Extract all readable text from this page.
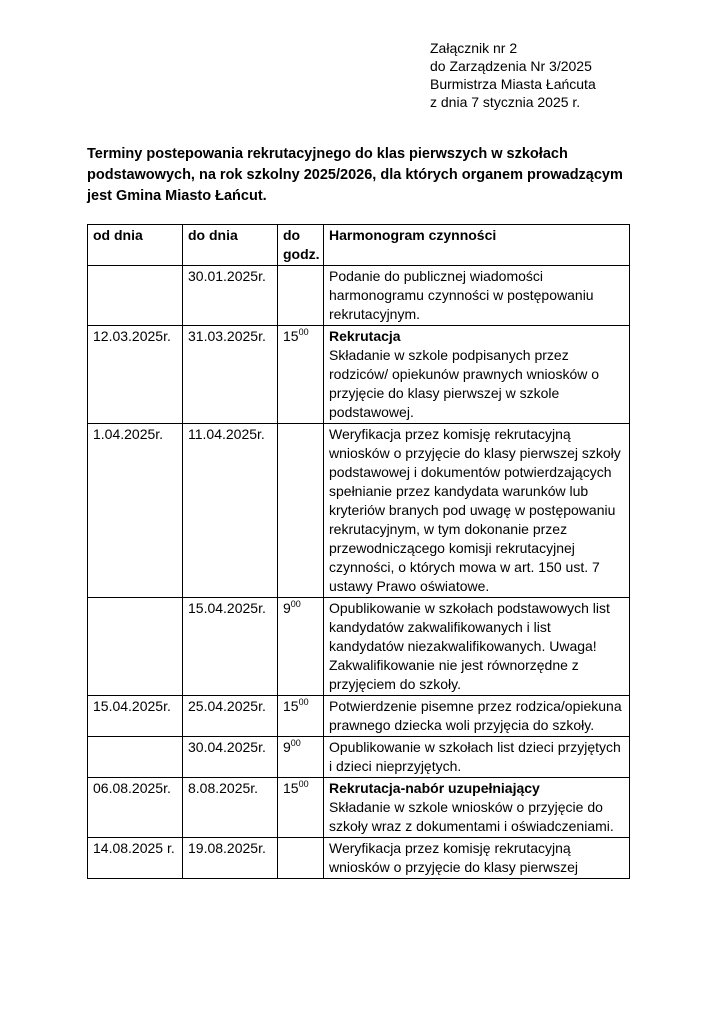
Załącznik nr 2
do Zarządzenia Nr 3/2025
Burmistrza Miasta Łańcuta
z dnia 7 stycznia 2025 r.
Terminy postepowania rekrutacyjnego do klas pierwszych w szkołach podstawowych, na rok szkolny 2025/2026, dla których organem prowadzącym jest Gmina Miasto Łańcut.
od dnia	do dnia	do godz.	Harmonogram czynności
	30.01.2025r.		Podanie do publicznej wiadomości harmonogramu czynności w postępowaniu rekrutacyjnym.
12.03.2025r.	31.03.2025r.	$15^{00}$	Rekrutacja
Składanie w szkole podpisanych przez rodziców/ opiekunów prawnych wniosków o przyjęcie do klasy pierwszej w szkole podstawowej.
1.04.2025r.	11.04.2025r.		Weryfikacja przez komisję rekrutacyjną wniosków o przyjęcie do klasy pierwszej szkoły podstawowej i dokumentów potwierdzających spełnianie przez kandydata warunków lub kryteriów branych pod uwagę w postępowaniu rekrutacyjnym, w tym dokonanie przez przewodniczącego komisji rekrutacyjnej czynności, o których mowa w art. 150 ust. 7 ustawy Prawo oświatowe.
	15.04.2025r.	$9^{00}$	Opublikowanie w szkołach podstawowych list kandydatów zakwalifikowanych i list kandydatów niezakwalifikowanych. Uwaga! Zakwalifikowanie nie jest równorzędne z przyjęciem do szkoły.
15.04.2025r.	25.04.2025r.	$15^{00}$	Potwierdzenie pisemne przez rodzica/opiekuna prawnego dziecka woli przyjęcia do szkoły.
	30.04.2025r.	$9^{00}$	Opublikowanie w szkołach list dzieci przyjętych i dzieci nieprzyjętych.
06.08.2025r.	8.08.2025r.	$15^{00}$	Rekrutacja-nabór uzupełniający
Składanie w szkole wniosków o przyjęcie do szkoły wraz z dokumentami i oświadczeniami.
14.08.2025 r.	19.08.2025r.		Weryfikacja przez komisję rekrutacyjną wniosków o przyjęcie do klasy pierwszej
